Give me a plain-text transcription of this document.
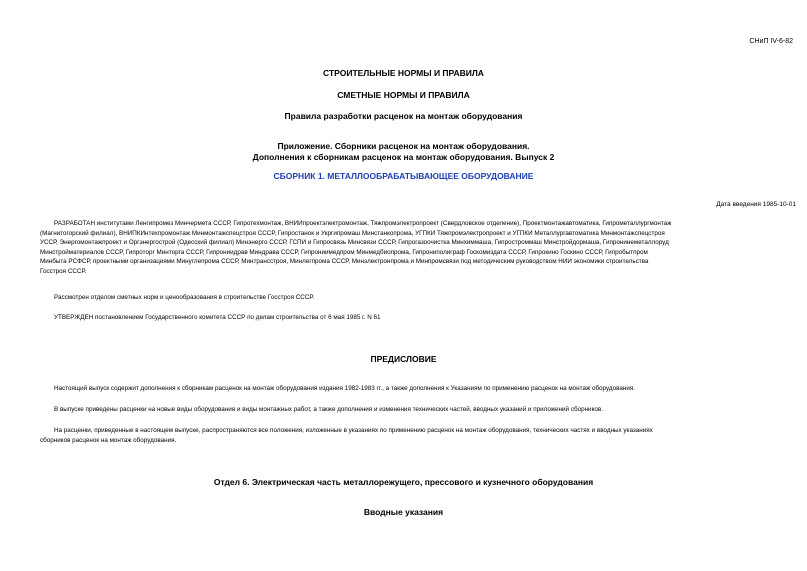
СНиП IV-6-82
СТРОИТЕЛЬНЫЕ НОРМЫ И ПРАВИЛА
СМЕТНЫЕ НОРМЫ И ПРАВИЛА
Правила разработки расценок на монтаж оборудования
Приложение. Сборники расценок на монтаж оборудования.
Дополнения к сборникам расценок на монтаж оборудования. Выпуск 2
СБОРНИК 1. МЕТАЛЛООБРАБАТЫВАЮЩЕЕ ОБОРУДОВАНИЕ
Дата введения 1985-10-01
РАЗРАБОТАН институтами Ленгипромез Минчермета СССР, Гипротехмонтаж, ВНИИпроектэлектромонтаж, Тяжпромэлектропроект (Свердловское отделение), Проектмонтажавтоматика, Гипрометаллургмонтаж
(Магнитогорский филиал), ВНИПКИнтехпромонтаж Минмонтажспецстроя СССР, Гипростанок и Укргипромаш Минстанкопрома, УГПКИ Тяжпромэлектропроект и УГПКИ Металлургавтоматика Минмонтажспецстроя
УССР, Энергомонтажпроект и Оргэнергострой (Одесский филиал) Минэнерго СССР, ГСПИ и Гипросвязь Минсвязи СССР, Гипрогазоочистка Минхиммаша, Гипростроммаш Минстройдормаша, Гипронинеметаллоруд
Минстройматериалов СССР, Гипроторг Минторга СССР, Гипрониидрав Миндрава СССР, Гипрониимедпром Минмедбиопрома, Гипрониполиграф Госкомиздата СССР, Гипрокино Госкино СССР, Гипробытпром
Минбыта РСФСР, проектными организациями Минуглепрома СССР, Минтрансстроя, Минлегпрома СССР, Минэлектронпрома и Минпромсвязи под методическим руководством НИИ экономики строительства
Госстроя СССР.
Рассмотрен отделом сметных норм и ценообразования в строительстве Госстроя СССР.
УТВЕРЖДЕН постановлением Государственного комитета СССР по делам строительства от 6 мая 1985 г. N 61
ПРЕДИСЛОВИЕ
Настоящий выпуск содержит дополнения к сборникам расценок на монтаж оборудования издания 1982-1983 гг., а также дополнения к Указаниям по применению расценок на монтаж оборудования.
В выпуске приведены расценки на новые виды оборудования и виды монтажных работ, а также дополнения и изменения технических частей, вводных указаний и приложений сборников.
На расценки, приведенные в настоящем выпуске, распространяются все положения, изложенные в указаниях по применению расценок на монтаж оборудования, технических частях и вводных указаниях
сборников расценок на монтаж оборудования.
Отдел 6. Электрическая часть металлорежущего, прессового и кузнечного оборудования
Вводные указания
